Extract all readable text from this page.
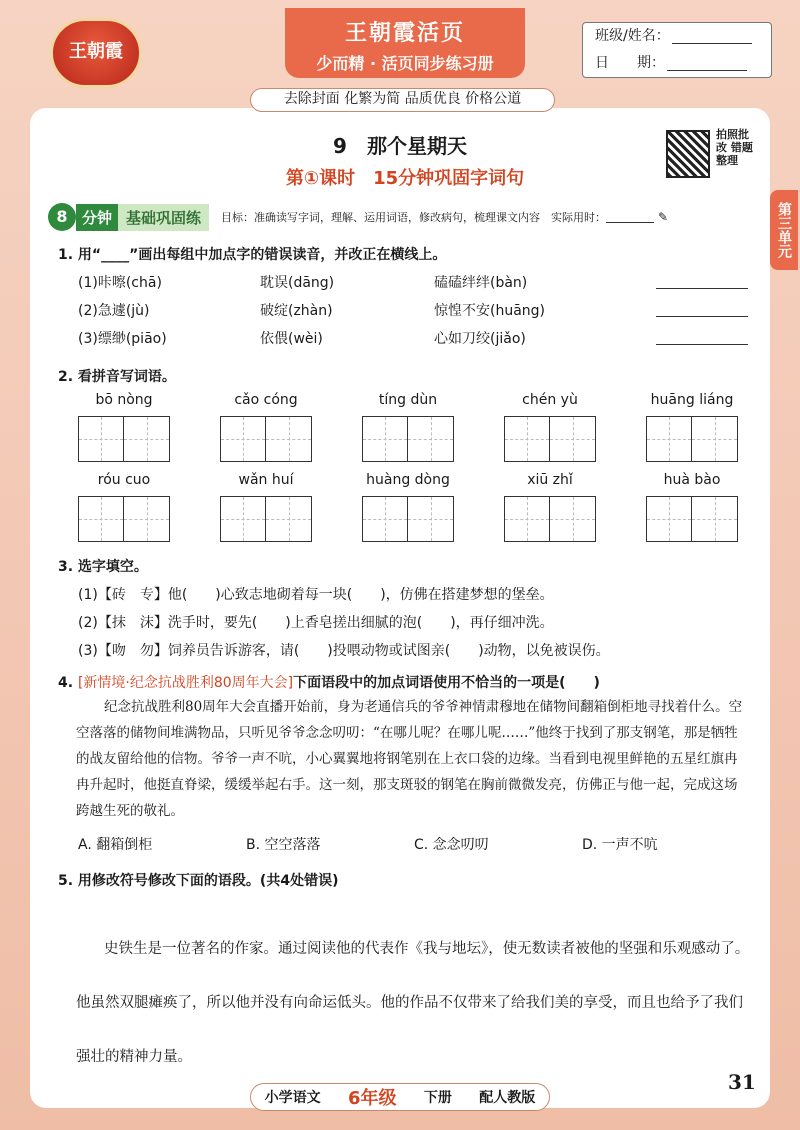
王朝霞
王朝霞活页
少而精 · 活页同步练习册
去除封面 化繁为简 品质优良 价格公道
班级/姓名：
日　　期：
第三单元
9　那个星期天
第①课时　15分钟巩固字词句
拍照批改 错题整理
8 分钟 基础巩固练	目标：准确读写字词，理解、运用词语，修改病句，梳理课文内容　实际用时：	✎
1. 用“____”画出每组中加点字的错误读音，并改正在横线上。
(1)咔嚓(chā)	耽误(dāng)	磕磕绊绊(bàn)
(2)急遽(jù)	破绽(zhàn)	惊惶不安(huāng)
(3)缥缈(piāo)	依偎(wèi)	心如刀绞(jiǎo)
2. 看拼音写词语。
bō nòng	cǎo cóng	tíng dùn	chén yù	huāng liáng
róu cuo	wǎn huí	huàng dòng	xiū zhǐ	huà bào
3. 选字填空。
(1)【砖　专】他(　　)心致志地砌着每一块(　　)，仿佛在搭建梦想的堡垒。
(2)【抹　沫】洗手时，要先(　　)上香皂搓出细腻的泡(　　)，再仔细冲洗。
(3)【吻　勿】饲养员告诉游客，请(　　)投喂动物或试图亲(　　)动物，以免被误伤。
4. [新情境·纪念抗战胜利80周年大会]下面语段中的加点词语使用不恰当的一项是(　　)
纪念抗战胜利80周年大会直播开始前，身为老通信兵的爷爷神情肃穆地在储物间翻箱倒柜地寻找着什么。空空落落的储物间堆满物品，只听见爷爷念念叨叨：“在哪儿呢？在哪儿呢……”他终于找到了那支钢笔，那是牺牲的战友留给他的信物。爷爷一声不吭，小心翼翼地将钢笔别在上衣口袋的边缘。当看到电视里鲜艳的五星红旗冉冉升起时，他挺直脊梁，缓缓举起右手。这一刻，那支斑驳的钢笔在胸前微微发亮，仿佛正与他一起，完成这场跨越生死的敬礼。
A. 翻箱倒柜	B. 空空落落	C. 念念叨叨	D. 一声不吭
5. 用修改符号修改下面的语段。(共4处错误)
史铁生是一位著名的作家。通过阅读他的代表作《我与地坛》，使无数读者被他的坚强和乐观感动了。他虽然双腿瘫痪了，所以他并没有向命运低头。他的作品不仅带来了给我们美的享受，而且也给予了我们强壮的精神力量。
小学语文 6年级 下册 配人教版
31
